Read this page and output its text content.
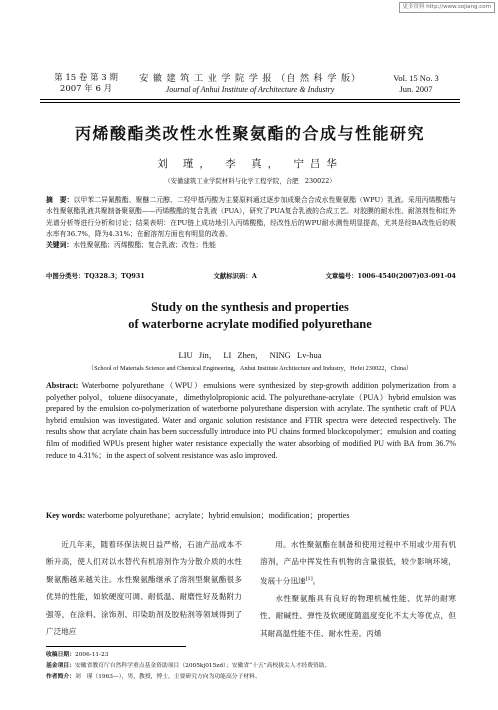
更多资料 http://www.sojiang.com
第 15 卷 第 3 期
2007 年 6 月
安 徽 建 筑 工 业 学 院 学 报 （自 然 科 学 版）
Journal of Anhui Institute of Architecture & Industry
Vol. 15 No. 3
Jun. 2007
丙烯酸酯类改性水性聚氨酯的合成与性能研究
刘 瑾， 李 真， 宁吕华
（安徽建筑工业学院材料与化学工程学院，合肥　230022）
摘　要：以甲苯二异氰酸酯、聚醚二元醇、二羟甲基丙酸为主要原料通过逐步加成聚合合成水性聚氨酯（WPU）乳液。采用丙烯酸酯与水性聚氨酯乳液共聚制备聚氨酯——丙烯酸酯的复合乳液（PUA），研究了PUA复合乳液的合成工艺。对胶膜的耐水性、耐溶剂性和红外光谱分析等进行分析和讨论；结果表明：在PU链上成功地引入丙烯酸酯，经改性后的WPU耐水测性明显提高，尤其是经BA改性后的吸水率有36.7%，降为4.31%；在耐溶剂方面也有明显的改善。
关键词：水性聚氨酯；丙烯酸酯；复合乳液；改性；性能
中图分类号：TQ328.3；TQ931	文献标识码：A	文章编号：1006-4540(2007)03-091-04
Study on the synthesis and properties
of waterborne acrylate modified polyurethane
LIU Jin， LI Zhen， NING Lv-hua
（School of Materials Science and Chemical Engineering，Anhui Institute Architecture and Industry，Hefei 230022，China）
Abstract: Waterborne polyurethane（WPU）emulsions were synthesized by step-growth addition polymerization from a polyether polyol，toluene diisocyanate，dimethylolpropionic acid. The polyurethane-acrylate（PUA）hybrid emulsion was prepared by the emulsion co-polymerization of waterborne polyurethane dispersion with acrylate. The synthetic craft of PUA hybrid emulsion was investigated. Water and organic solution resistance and FTIR spectra were detected respectively. The results show that acrylate chain has been successfully introduce into PU chains formed blockcopolymer；emulsion and coating film of modified WPUs present higher water resistance expecially the water absorbing of modified PU with BA from 36.7% reduce to 4.31%；in the aspect of solvent resistance was aslo improved.
Key words: waterborne polyurethane；acrylate；hybrid emulsion；modification；properties

近几年来，随着环保法规日益严格，石油产品成本不断升高，使人们对以水替代有机溶剂作为分散介质的水性聚氨酯越来越关注。水性聚氨酯继承了溶剂型聚氨酯很多优异的性能，如软硬度可调、耐低温、耐磨性好及黏附力强等，在涂料、涂饰剂、印染助剂及胶粘剂等领域得到了广泛地应

用。水性聚氨酯在制备和使用过程中不用或少用有机溶剂，产品中挥发性有机物的含量很低，较少影响环境，发展十分迅速[1]。

水性聚氨酯具有良好的物理机械性能、优异的耐寒性、耐碱性、弹性及软硬度随温度变化不太大等优点，但其耐高温性能不佳、耐水性差。丙烯

收稿日期：2006-11-23
基金项目：安徽省教育厅自然科学重点基金资助项目（2005kj015zd）；安徽省“十五”高校拔尖人才经费资助。
作者简介：刘　瑾（1963—），男，教授，博士，主要研究方向为功能高分子材料。
